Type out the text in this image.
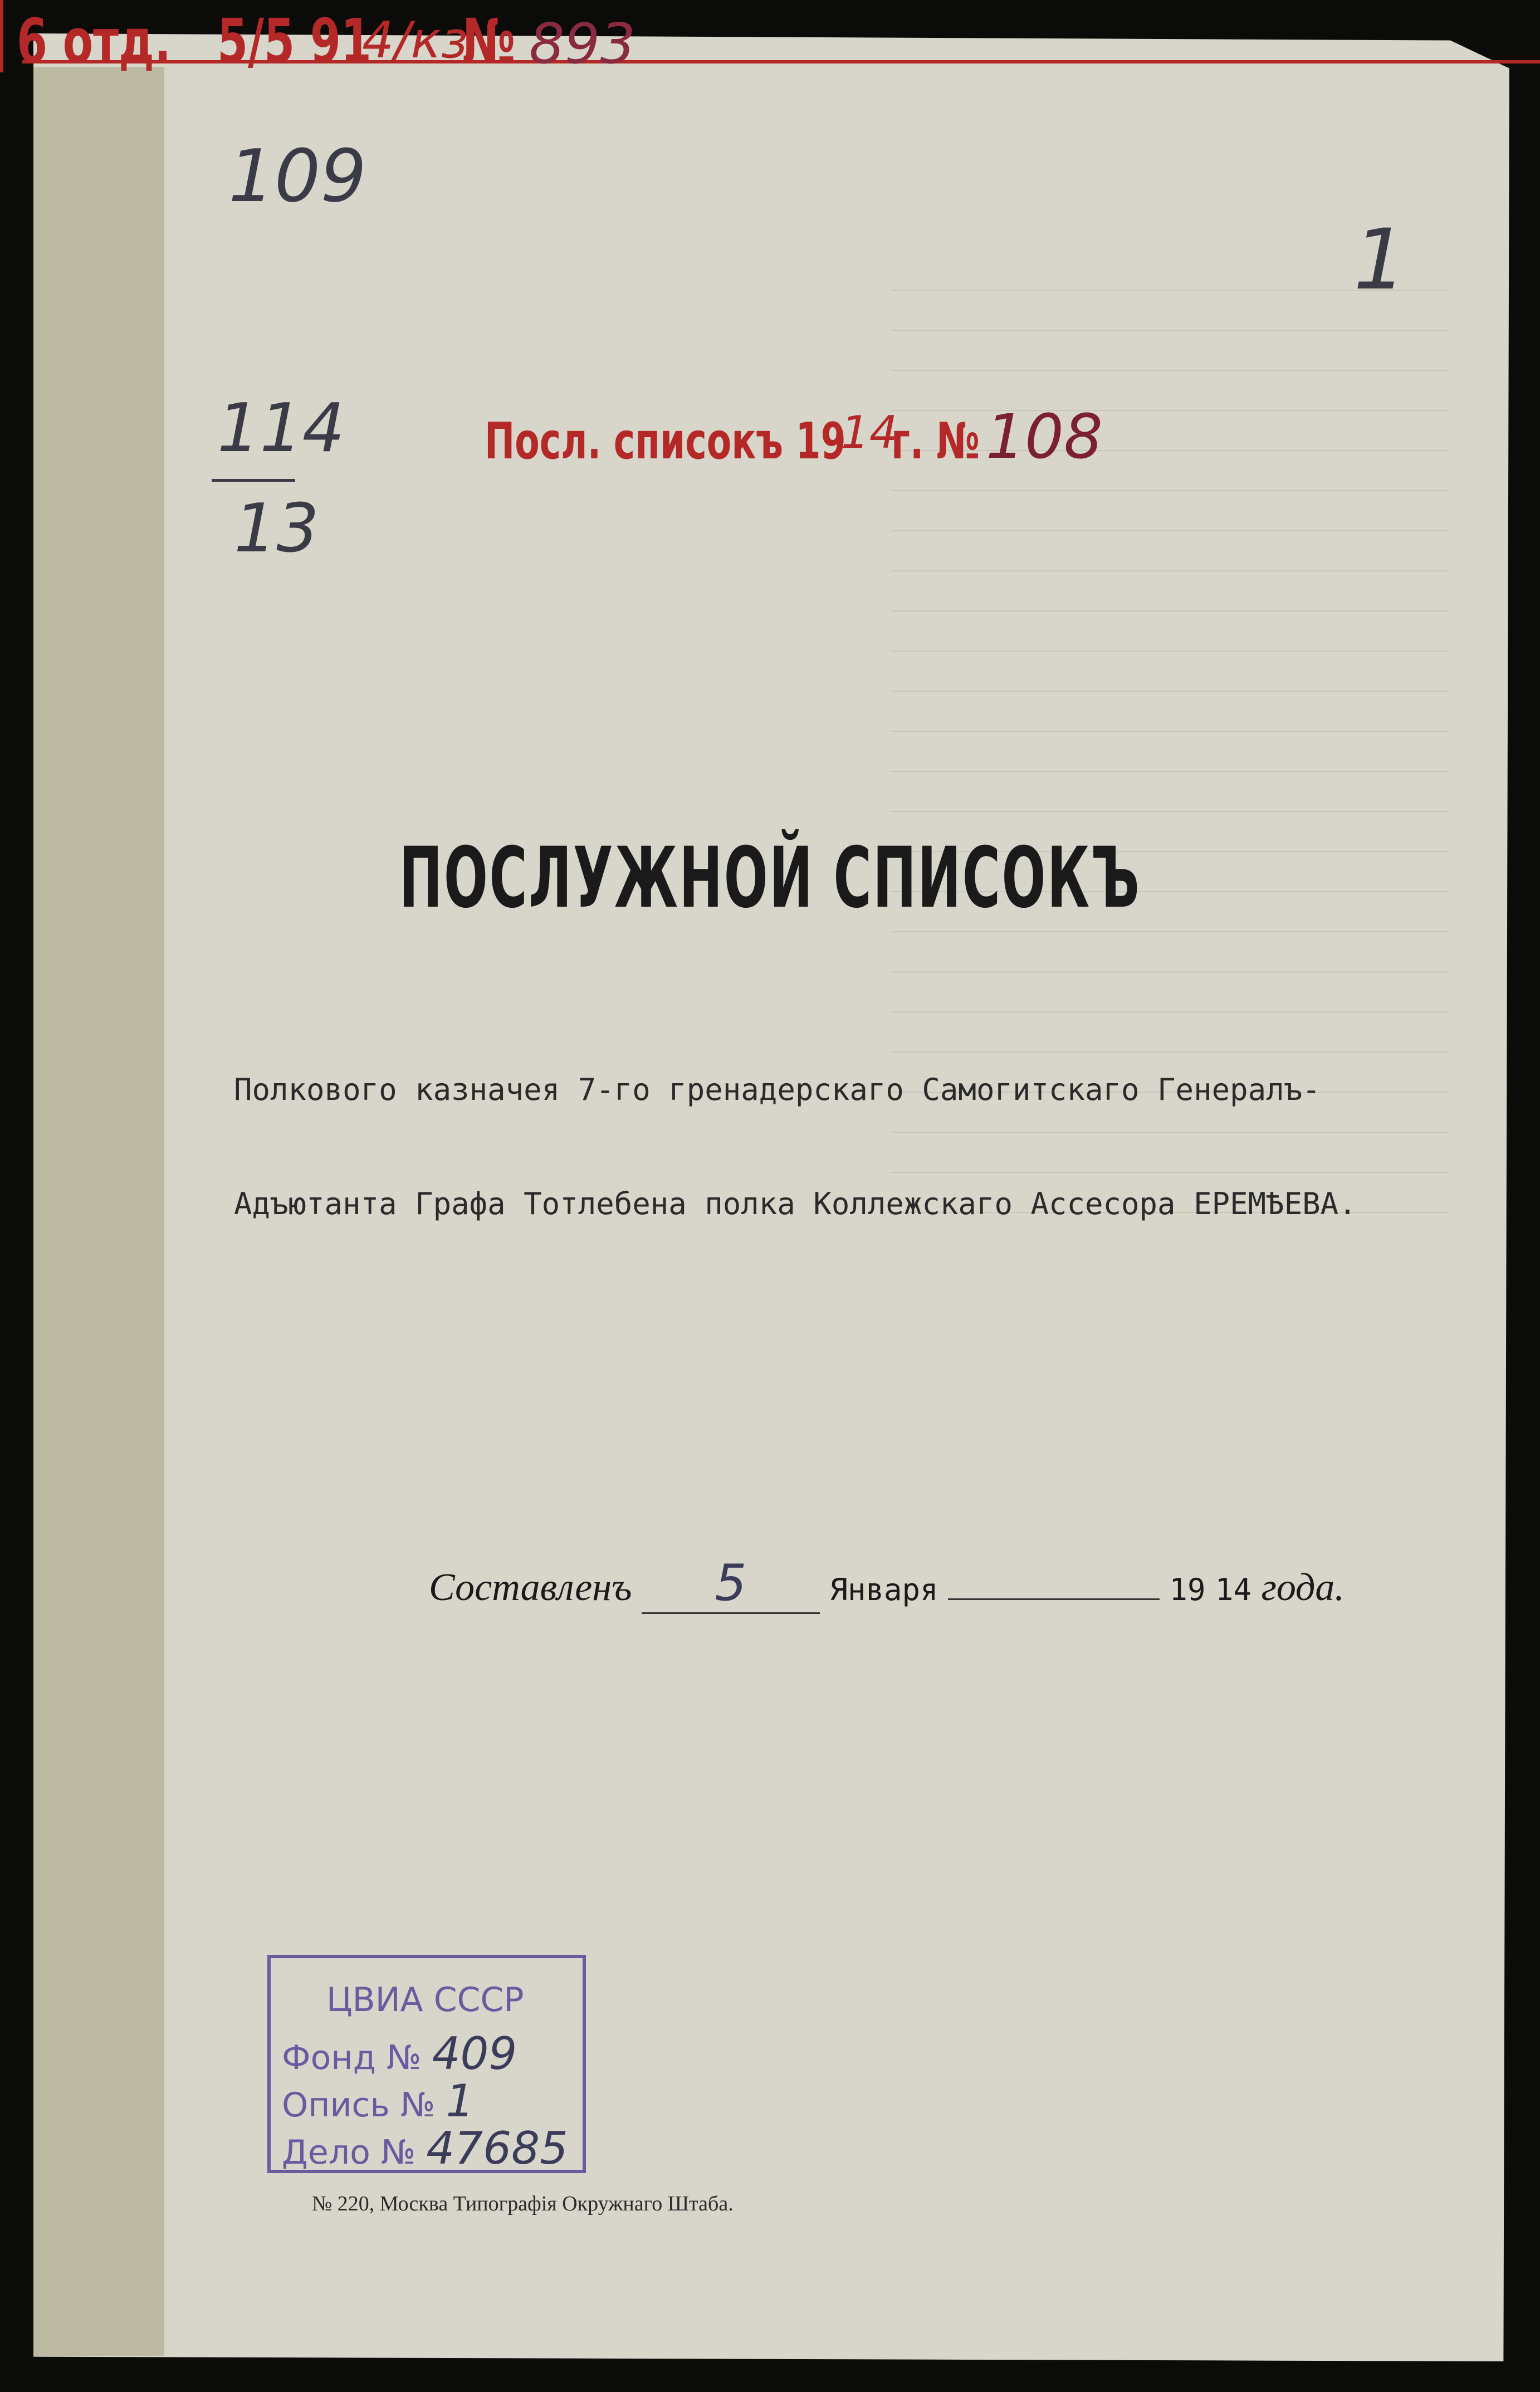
6 отд. 5/5 91
4/кз
№ 893
109
1
114
13
Посл. списокъ 19
14
г. № 108
ПОСЛУЖНОЙ СПИСОКЪ
Полкового казначея 7-го гренадерскаго Самогитскаго Генералъ-
Адъютанта Графа Тотлебена полка Коллежскаго Ассесора ЕРЕМѢЕВА.
Составленъ 5	Января	19 14 года.
ЦВИА СССР
Фонд № 409
Опись № 1
Дело № 47685
№ 220, Москва Типографія Окружнаго Штаба.
